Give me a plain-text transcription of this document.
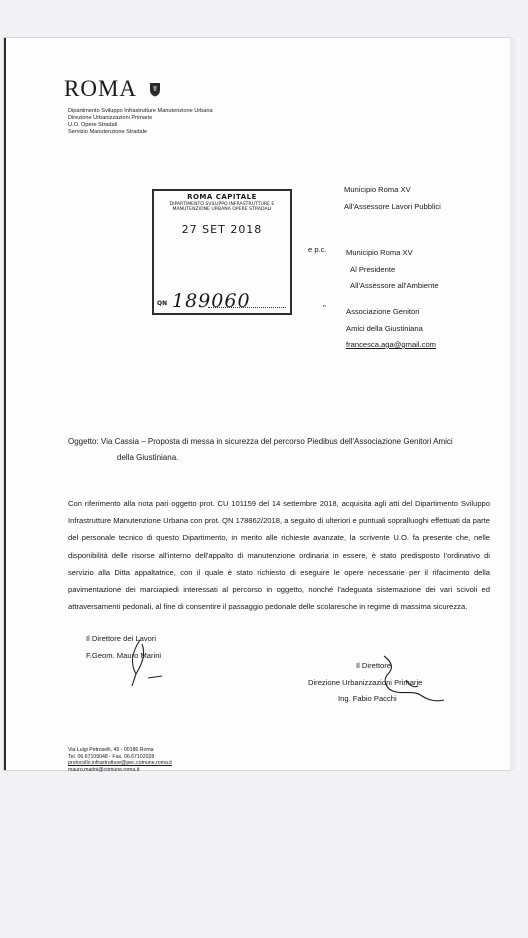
ROMA
Dipartimento Sviluppo Infrastrutture Manutenzione Urbana
Direzione Urbanizzazioni Primarie
U.O. Opere Stradali
Servizio Manutenzione Stradale
Municipio Roma XV
All'Assessore Lavori Pubblici
e p.c.	Municipio Roma XV
Al Presidente
All'Assessore all'Ambiente
"	Associazione Genitori
Amici della Giustiniana
francesca.aga@gmail.com
ROMA CAPITALE
DIPARTIMENTO SVILUPPO INFRASTRUTTURE E MANUTENZIONE URBANA OPERE STRADALI
27 SET 2018
QN 189060
Oggetto: Via Cassia – Proposta di messa in sicurezza del percorso Piedibus dell'Associazione Genitori Amici
della Giustiniana.
Con riferimento alla nota pari oggetto prot. CU 101159 del 14 settembre 2018, acquisita agli atti del Dipartimento Sviluppo Infrastrutture Manutenzione Urbana con prot. QN 178862/2018, a seguito di ulteriori e puntuali sopralluoghi effettuati da parte del personale tecnico di questo Dipartimento, in merito alle richieste avanzate, la scrivente U.O. fa presente che, nelle disponibilità delle risorse all'interno dell'appalto di manutenzione ordinaria in essere, è stato predisposto l'ordinativo di servizio alla Ditta appaltatrice, con il quale è stato richiesto di eseguire le opere necessarie per il rifacimento della pavimentazione dei marciapiedi interessati al percorso in oggetto, nonché l'adeguata sistemazione dei vari scivoli ed attraversamenti pedonali, al fine di consentire il passaggio pedonale delle scolaresche in regime di massima sicurezza.
Il Direttore dei Lavori
F.Geom. Mauro Marini
Il Direttore
Direzione Urbanizzazioni Primarie
Ing. Fabio Pacchi
Via Luigi Petroselli, 45 - 00186 Roma
Tel. 06.67109048 - Fax. 06.67102028
protocollo.infrastrutture@pec.comune.roma.it
mauro.marini@comune.roma.it
